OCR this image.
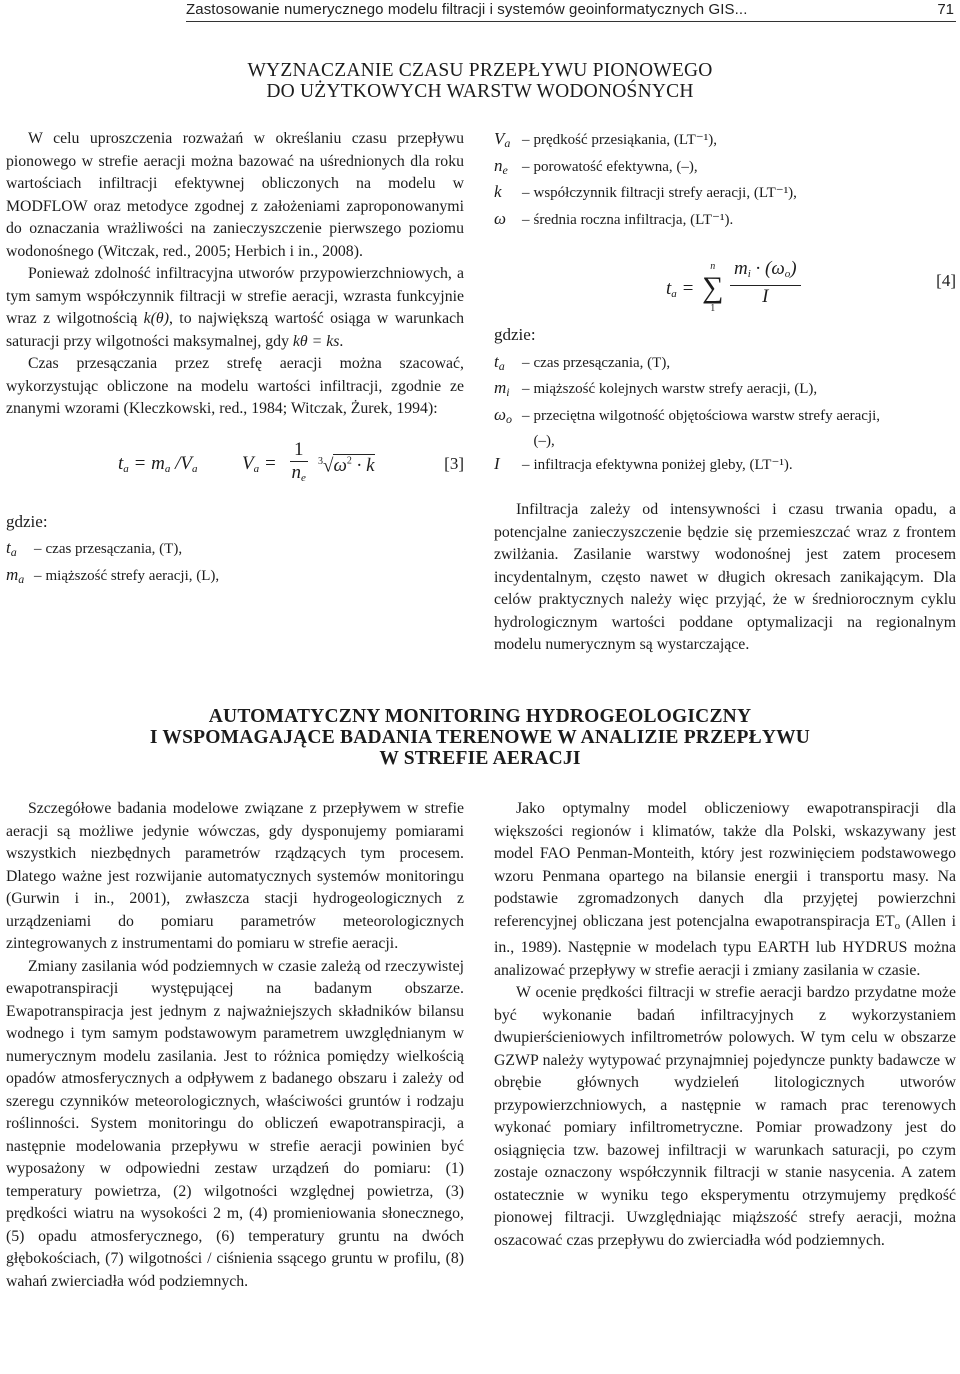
Zastosowanie numerycznego modelu filtracji i systemów geoinformatycznych GIS...	71
WYZNACZANIE CZASU PRZEPŁYWU PIONOWEGO
DO UŻYTKOWYCH WARSTW WODONOŚNYCH

W celu uproszczenia rozważań w określaniu czasu przepływu pionowego w strefie aeracji można bazować na uśrednionych dla roku wartościach infiltracji efektywnej obliczonych na modelu w MODFLOW oraz metodyce zgodnej z założeniami zaproponowanymi do oznaczania wrażliwości na zanieczyszczenie pierwszego poziomu wodonośnego (Witczak, red., 2005; Herbich i in., 2008).

Ponieważ zdolność infiltracyjna utworów przypowierzchniowych, a tym samym współczynnik filtracji w strefie aeracji, wzrasta funkcyjnie wraz z wilgotnością k(θ), to największą wartość osiąga w warunkach saturacji przy wilgotności maksymalnej, gdy kθ = ks.

Czas przesączania przez strefę aeracji można szacować, wykorzystując obliczone na modelu wartości infiltracji, zgodnie ze znanymi wzorami (Kleczkowski, red., 1984; Witczak, Żurek, 1994):

$t_a = m_a$ $/V_a$ $V_a = \frac{1}{n_e} ^3√\omega^2 \cdot k$	[3]
gdzie:
$t_a$ – czas przesączania, (T),
$m_a$ – miąższość strefy aeracji, (L),
$V_a$ – prędkość przesiąkania, (LT⁻¹),
$n_e$ – porowatość efektywna, (–),
k – współczynnik filtracji strefy aeracji, (LT⁻¹),
ω – średnia roczna infiltracja, (LT⁻¹).
$t_a$ =
n
∑
1
$\frac{m_i \cdot (\omega_o)}{I}$	[4]
gdzie:
$t_a$ – czas przesączania, (T),
$m_i$ – miąższość kolejnych warstw strefy aeracji, (L),
$\omega_o$ – przeciętna wilgotność objętościowa warstw strefy aeracji,
(–),
I – infiltracja efektywna poniżej gleby, (LT⁻¹).

Infiltracja zależy od intensywności i czasu trwania opadu, a potencjalne zanieczyszczenie będzie się przemieszczać wraz z frontem zwilżania. Zasilanie warstwy wodonośnej jest zatem procesem incydentalnym, często nawet w długich okresach zanikającym. Dla celów praktycznych należy więc przyjąć, że w średniorocznym cyklu hydrologicznym wartości poddane optymalizacji na regionalnym modelu numerycznym są wystarczające.

AUTOMATYCZNY MONITORING HYDROGEOLOGICZNY
I WSPOMAGAJĄCE BADANIA TERENOWE W ANALIZIE PRZEPŁYWU
W STREFIE AERACJI

Szczegółowe badania modelowe związane z przepływem w strefie aeracji są możliwe jedynie wówczas, gdy dysponujemy pomiarami wszystkich niezbędnych parametrów rządzących tym procesem. Dlatego ważne jest rozwijanie automatycznych systemów monitoringu (Gurwin i in., 2001), zwłaszcza stacji hydrogeologicznych z urządzeniami do pomiaru parametrów meteorologicznych zintegrowanych z instrumentami do pomiaru w strefie aeracji.

Zmiany zasilania wód podziemnych w czasie zależą od rzeczywistej ewapotranspiracji występującej na badanym obszarze. Ewapotranspiracja jest jednym z najważniejszych składników bilansu wodnego i tym samym podstawowym parametrem uwzględnianym w numerycznym modelu zasilania. Jest to różnica pomiędzy wielkością opadów atmosferycznych a odpływem z badanego obszaru i zależy od szeregu czynników meteorologicznych, właściwości gruntów i rodzaju roślinności. System monitoringu do obliczeń ewapotranspiracji, a następnie modelowania przepływu w strefie aeracji powinien być wyposażony w odpowiedni zestaw urządzeń do pomiaru: (1) temperatury powietrza, (2) wilgotności względnej powietrza, (3) prędkości wiatru na wysokości 2 m, (4) promieniowania słonecznego, (5) opadu atmosferycznego, (6) temperatury gruntu na dwóch głębokościach, (7) wilgotności / ciśnienia ssącego gruntu w profilu, (8) wahań zwierciadła wód podziemnych.

Jako optymalny model obliczeniowy ewapotranspiracji dla większości regionów i klimatów, także dla Polski, wskazywany jest model FAO Penman-Monteith, który jest rozwinięciem podstawowego wzoru Penmana opartego na bilansie energii i transportu masy. Na podstawie zgromadzonych danych dla przyjętej powierzchni referencyjnej obliczana jest potencjalna ewapotranspiracja $ET_o$ (Allen i in., 1989). Następnie w modelach typu EARTH lub HYDRUS można analizować przepływy w strefie aeracji i zmiany zasilania w czasie.

W ocenie prędkości filtracji w strefie aeracji bardzo przydatne może być wykonanie badań infiltracyjnych z wykorzystaniem dwupierścieniowych infiltrometrów polowych. W tym celu w obszarze GZWP należy wytypować przynajmniej pojedyncze punkty badawcze w obrębie głównych wydzieleń litologicznych utworów przypowierzchniowych, a następnie w ramach prac terenowych wykonać pomiary infiltrometryczne. Pomiar prowadzony jest do osiągnięcia tzw. bazowej infiltracji w warunkach saturacji, po czym zostaje oznaczony współczynnik filtracji w stanie nasycenia. A zatem ostatecznie w wyniku tego eksperymentu otrzymujemy prędkość pionowej filtracji. Uwzględniając miąższość strefy aeracji, można oszacować czas przepływu do zwierciadła wód podziemnych.
